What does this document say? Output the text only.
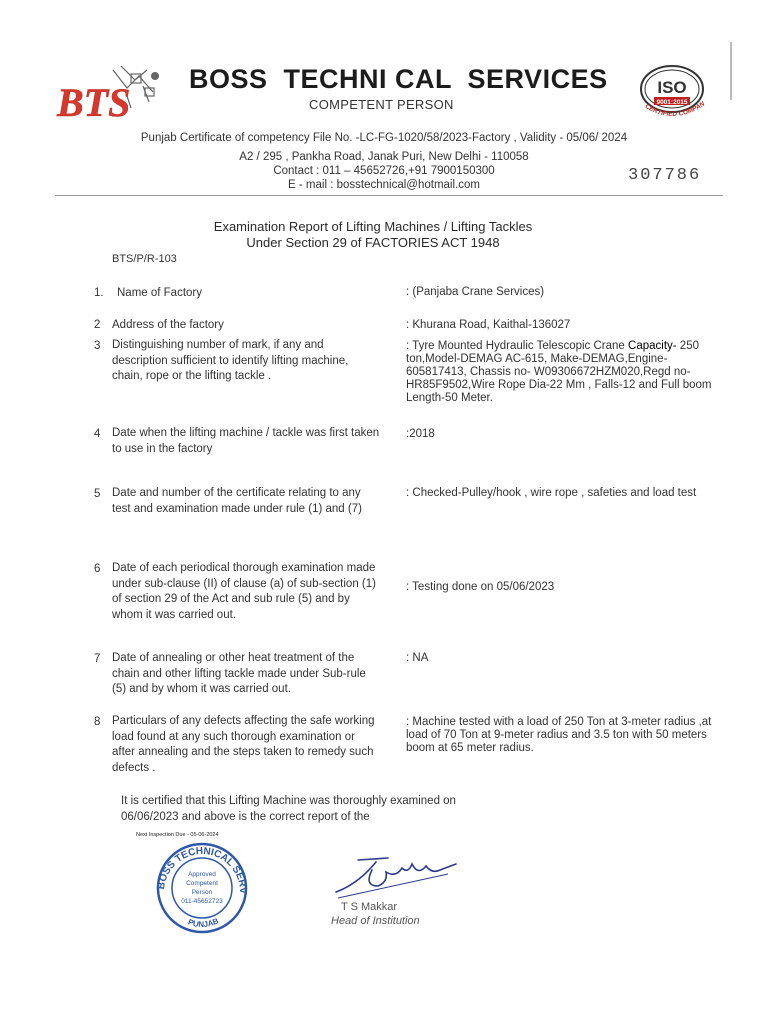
BTS
BOSS  TECHNI CAL  SERVICES
COMPETENT PERSON
ISO
9001:2015
CERTIFIED COMPAN
Punjab Certificate of competency File No. -LC-FG-1020/58/2023-Factory , Validity - 05/06/ 2024
A2 / 295 , Pankha Road, Janak Puri, New Delhi - 110058
Contact : 011 – 45652726,+91 7900150300
E - mail : bosstechnical@hotmail.com	307786
Examination Report of Lifting Machines / Lifting Tackles
Under Section 29 of FACTORIES ACT 1948
BTS/P/R-103
1. Name of Factory	: (Panjaba Crane Services)
2 Address of the factory	: Khurana Road, Kaithal-136027
3 Distinguishing number of mark, if any and description sufficient to identify lifting machine, chain, rope or the lifting tackle .
: Tyre Mounted Hydraulic Telescopic Crane Capacity- 250 ton,Model-DEMAG AC-615, Make-DEMAG,Engine-605817413, Chassis no- W09306672HZM020,Regd no-HR85F9502,Wire Rope Dia-22 Mm , Falls-12 and Full boom Length-50 Meter.
4 Date when the lifting machine / tackle was first taken to use in the factory
:2018
5 Date and number of the certificate relating to any test and examination made under rule (1) and (7)
: Checked-Pulley/hook , wire rope , safeties and load test
6 Date of each periodical thorough examination made under sub-clause (II) of clause (a) of sub-section (1) of section 29 of the Act and sub rule (5) and by whom it was carried out.
: Testing done on 05/06/2023
7 Date of annealing or other heat treatment of the chain and other lifting tackle made under Sub-rule (5) and by whom it was carried out.
: NA
8 Particulars of any defects affecting the safe working load found at any such thorough examination or after annealing and the steps taken to remedy such defects .
: Machine tested with a load of 250 Ton at 3-meter radius ,at load of 70 Ton at 9-meter radius and 3.5 ton with 50 meters boom at 65 meter radius.
It is certified that this Lifting Machine was thoroughly examined on 06/06/2023 and above is the correct report of the
Next Inspection Due - 05-06-2024
BOSS TECHNICAL SERV
PUNJAB
Approved
Competent
Person
011-45652723	T S Makkar
Head of Institution
